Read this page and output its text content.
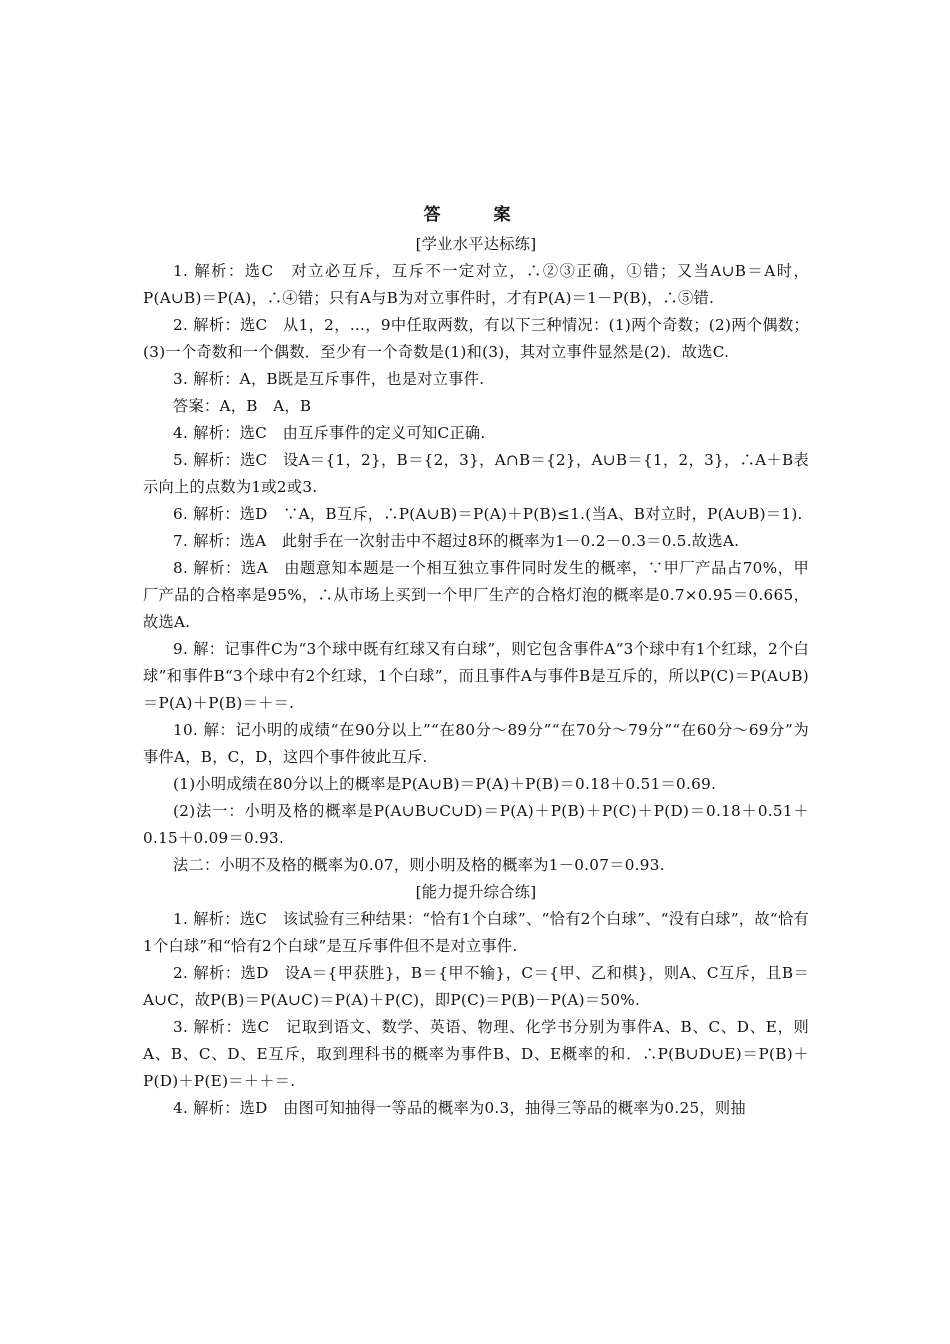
答　案
[学业水平达标练]

1. 解析：选C　对立必互斥，互斥不一定对立，∴②③正确，①错；又当A∪B＝A时，P(A∪B)＝P(A)，∴④错；只有A与B为对立事件时，才有P(A)＝1－P(B)，∴⑤错.

2. 解析：选C　从1，2，…，9中任取两数，有以下三种情况：(1)两个奇数；(2)两个偶数；(3)一个奇数和一个偶数．至少有一个奇数是(1)和(3)，其对立事件显然是(2)．故选C.

3. 解析：A，B既是互斥事件，也是对立事件.

答案：A，B　A，B

4. 解析：选C　由互斥事件的定义可知C正确.

5. 解析：选C　设A＝{1，2}，B＝{2，3}，A∩B＝{2}，A∪B＝{1，2，3}，∴A＋B表示向上的点数为1或2或3.

6. 解析：选D　∵A，B互斥，∴P(A∪B)＝P(A)＋P(B)≤1.(当A、B对立时，P(A∪B)＝1).

7. 解析：选A　此射手在一次射击中不超过8环的概率为1－0.2－0.3＝0.5.故选A.

8. 解析：选A　由题意知本题是一个相互独立事件同时发生的概率，∵甲厂产品占70%，甲厂产品的合格率是95%，∴从市场上买到一个甲厂生产的合格灯泡的概率是0.7×0.95＝0.665，故选A.

9. 解：记事件C为“3个球中既有红球又有白球”，则它包含事件A“3个球中有1个红球，2个白球”和事件B“3个球中有2个红球，1个白球”，而且事件A与事件B是互斥的，所以P(C)＝P(A∪B)＝P(A)＋P(B)＝＋＝.

10. 解：记小明的成绩“在90分以上”“在80分～89分”“在70分～79分”“在60分～69分”为事件A，B，C，D，这四个事件彼此互斥.

(1)小明成绩在80分以上的概率是P(A∪B)＝P(A)＋P(B)＝0.18＋0.51＝0.69.

(2)法一：小明及格的概率是P(A∪B∪C∪D)＝P(A)＋P(B)＋P(C)＋P(D)＝0.18＋0.51＋0.15＋0.09＝0.93.

法二：小明不及格的概率为0.07，则小明及格的概率为1－0.07＝0.93.

[能力提升综合练]

1. 解析：选C　该试验有三种结果：“恰有1个白球”、“恰有2个白球”、“没有白球”，故“恰有1个白球”和“恰有2个白球”是互斥事件但不是对立事件.

2. 解析：选D　设A＝{甲获胜}，B＝{甲不输}，C＝{甲、乙和棋}，则A、C互斥，且B＝A∪C，故P(B)＝P(A∪C)＝P(A)＋P(C)，即P(C)＝P(B)－P(A)＝50%.

3. 解析：选C　记取到语文、数学、英语、物理、化学书分别为事件A、B、C、D、E，则A、B、C、D、E互斥，取到理科书的概率为事件B、D、E概率的和．∴P(B∪D∪E)＝P(B)＋P(D)＋P(E)＝＋＋＝.

4. 解析：选D　由图可知抽得一等品的概率为0.3，抽得三等品的概率为0.25，则抽
